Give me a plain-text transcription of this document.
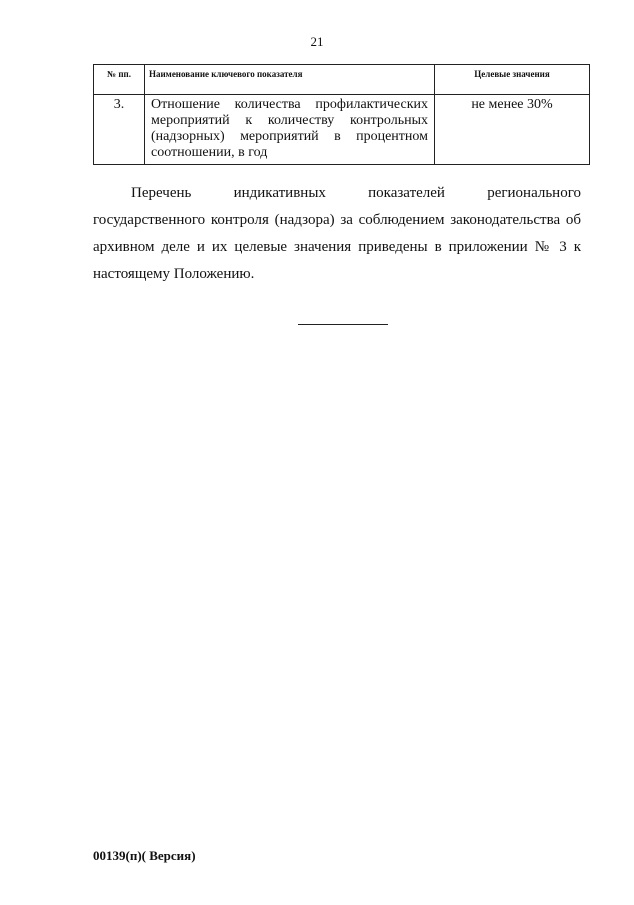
21
№ пп.	Наименование ключевого показателя	Целевые значения
3.	Отношение количества профилактических мероприятий к количеству контрольных (надзорных) мероприятий в процентном соотношении, в год	не менее 30%

Перечень индикативных показателей регионального государственного контроля (надзора) за соблюдением законодательства об архивном деле и их целевые значения приведены в приложении № 3 к настоящему Положению.

00139(п)( Версия)
